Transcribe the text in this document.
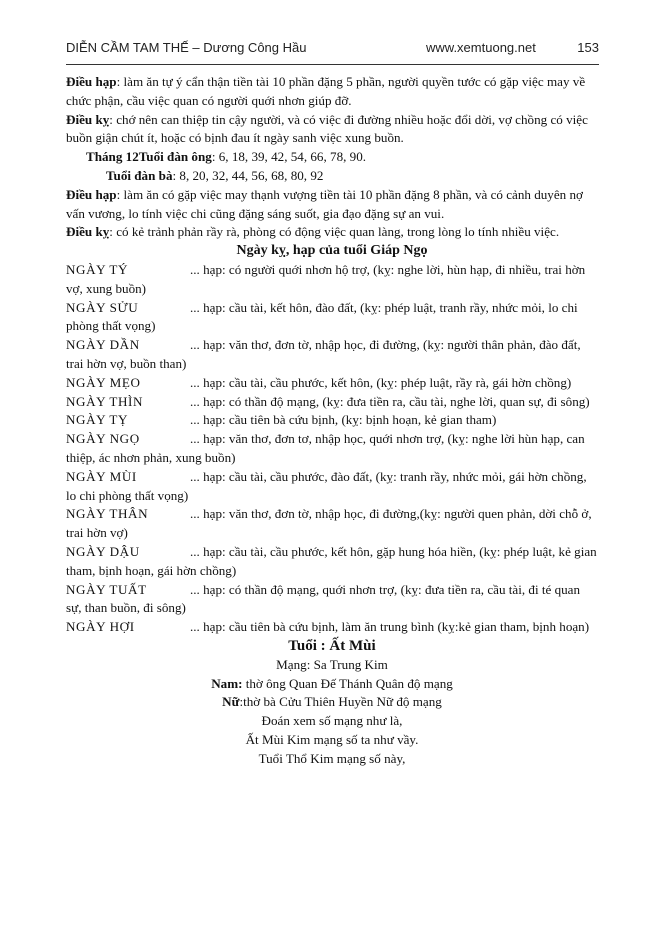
DIỄN CẦM TAM THẾ – Dương Công Hầu	www.xemtuong.net	153

Điều hạp: làm ăn tự ý cẩn thận tiền tài 10 phần đặng 5 phần, người quyền tước có gặp việc may về chức phận, cầu việc quan có người quới nhơn giúp đỡ.

Điều kỵ: chớ nên can thiệp tin cậy người, và có việc đi đường nhiều hoặc đổi dời, vợ chồng có việc buồn giận chút ít, hoặc có bịnh đau ít ngày sanh việc xung buồn.

Tháng 12Tuổi đàn ông: 6, 18, 39, 42, 54, 66, 78, 90.

Tuổi đàn bà: 8, 20, 32, 44, 56, 68, 80, 92

Điều hạp: làm ăn có gặp việc may thạnh vượng tiền tài 10 phần đặng 8 phần, và có cảnh duyên nợ vấn vương, lo tính việc chi cũng đặng sáng suốt, gia đạo đặng sự an vui.

Điều kỵ: có kẻ trảnh phản rầy rà, phòng có động việc quan làng, trong lòng lo tính nhiều việc.

Ngày kỵ, hạp của tuổi Giáp Ngọ

NGÀY TÝ	... hạp: có người quới nhơn hộ trợ, (kỵ: nghe lời, hùn hạp, đi nhiều, trai hờn vợ, xung buồn)

NGÀY SỬU	... hạp: cầu tài, kết hôn, đào đất, (kỵ: phép luật, tranh rầy, nhức mỏi, lo chi phòng thất vọng)

NGÀY DẦN	... hạp: văn thơ, đơn tờ, nhập học, đi đường, (kỵ: người thân phản, đào đất, trai hờn vợ, buồn than)

NGÀY MẸO	... hạp: cầu tài, cầu phước, kết hôn, (kỵ: phép luật, rầy rà, gái hờn chồng)

NGÀY THÌN	... hạp: có thần độ mạng, (kỵ: đưa tiền ra, cầu tài, nghe lời, quan sự, đi sông)

NGÀY TỴ	... hạp: cầu tiên bà cứu bịnh, (kỵ: bịnh hoạn, kẻ gian tham)

NGÀY NGỌ	... hạp: văn thơ, đơn tơ, nhập học, quới nhơn trợ, (kỵ: nghe lời hùn hạp, can thiệp, ác nhơn phản, xung buồn)

NGÀY MÙI	... hạp: cầu tài, cầu phước, đào đất, (kỵ: tranh rầy, nhức mỏi, gái hờn chồng, lo chi phòng thất vọng)

NGÀY THÂN	... hạp: văn thơ, đơn tờ, nhập học, đi đường,(kỵ: người quen phản, dời chỗ ở, trai hờn vợ)

NGÀY DẬU	... hạp: cầu tài, cầu phước, kết hôn, gặp hung hóa hiền, (kỵ: phép luật, kẻ gian tham, bịnh hoạn, gái hờn chồng)

NGÀY TUẤT	... hạp: có thần độ mạng, quới nhơn trợ, (kỵ: đưa tiền ra, cầu tài, đi té quan sự, than buồn, đi sông)

NGÀY HỢI	... hạp: cầu tiên bà cứu bịnh, làm ăn trung bình (kỵ:kẻ gian tham, bịnh hoạn)

Tuổi : Ất Mùi

Mạng: Sa Trung Kim

Nam: thờ ông Quan Đế Thánh Quân độ mạng

Nữ:thờ bà Cửu Thiên Huyền Nữ độ mạng

Đoán xem số mạng như là,

Ất Mùi Kim mạng số ta như vầy.

Tuổi Thổ Kim mạng số này,
